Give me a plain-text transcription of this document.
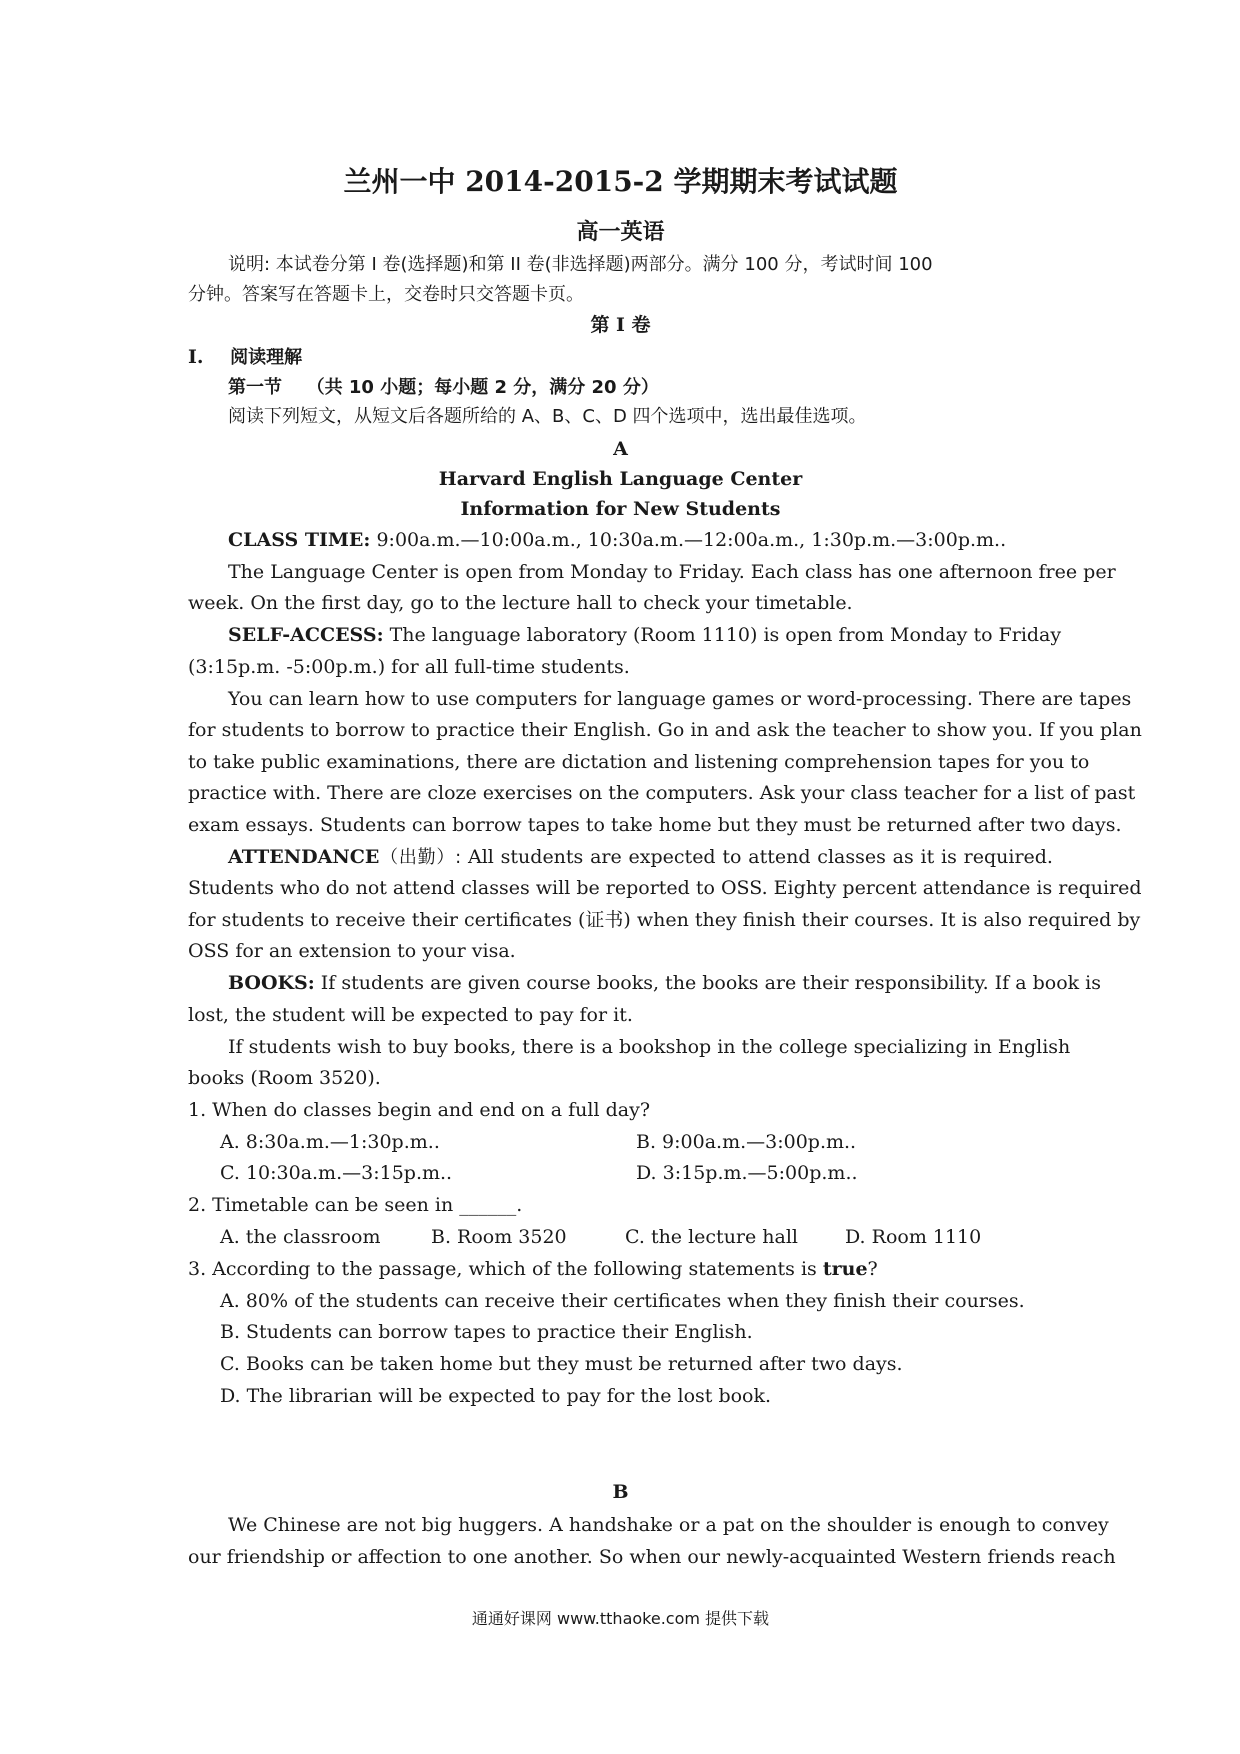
兰州一中 2014-2015-2 学期期末考试试题
高一英语
说明: 本试卷分第 I 卷(选择题)和第 II 卷(非选择题)两部分。满分 100 分，考试时间 100
分钟。答案写在答题卡上，交卷时只交答题卡页。
第 I 卷
I. 阅读理解
第一节 （共 10 小题；每小题 2 分，满分 20 分）
阅读下列短文，从短文后各题所给的 A、B、C、D 四个选项中，选出最佳选项。
A
Harvard English Language Center
Information for New Students
CLASS TIME: 9:00a.m.—10:00a.m., 10:30a.m.—12:00a.m., 1:30p.m.—3:00p.m..
The Language Center is open from Monday to Friday. Each class has one afternoon free per
week. On the first day, go to the lecture hall to check your timetable.
SELF-ACCESS: The language laboratory (Room 1110) is open from Monday to Friday
(3:15p.m. -5:00p.m.) for all full-time students.
You can learn how to use computers for language games or word-processing. There are tapes
for students to borrow to practice their English. Go in and ask the teacher to show you. If you plan
to take public examinations, there are dictation and listening comprehension tapes for you to
practice with. There are cloze exercises on the computers. Ask your class teacher for a list of past
exam essays. Students can borrow tapes to take home but they must be returned after two days.
ATTENDANCE（出勤）: All students are expected to attend classes as it is required.
Students who do not attend classes will be reported to OSS. Eighty percent attendance is required
for students to receive their certificates (证书) when they finish their courses. It is also required by
OSS for an extension to your visa.
BOOKS: If students are given course books, the books are their responsibility. If a book is
lost, the student will be expected to pay for it.
If students wish to buy books, there is a bookshop in the college specializing in English
books (Room 3520).
1. When do classes begin and end on a full day?
A. 8:30a.m.—1:30p.m..	B. 9:00a.m.—3:00p.m..
C. 10:30a.m.—3:15p.m..	D. 3:15p.m.—5:00p.m..
2. Timetable can be seen in ______.
A. the classroom	B. Room 3520	C. the lecture hall D. Room 1110
3. According to the passage, which of the following statements is true?
A. 80% of the students can receive their certificates when they finish their courses.
B. Students can borrow tapes to practice their English.
C. Books can be taken home but they must be returned after two days.
D. The librarian will be expected to pay for the lost book.
B
We Chinese are not big huggers. A handshake or a pat on the shoulder is enough to convey
our friendship or affection to one another. So when our newly-acquainted Western friends reach
通通好课网 www.tthaoke.com 提供下载
